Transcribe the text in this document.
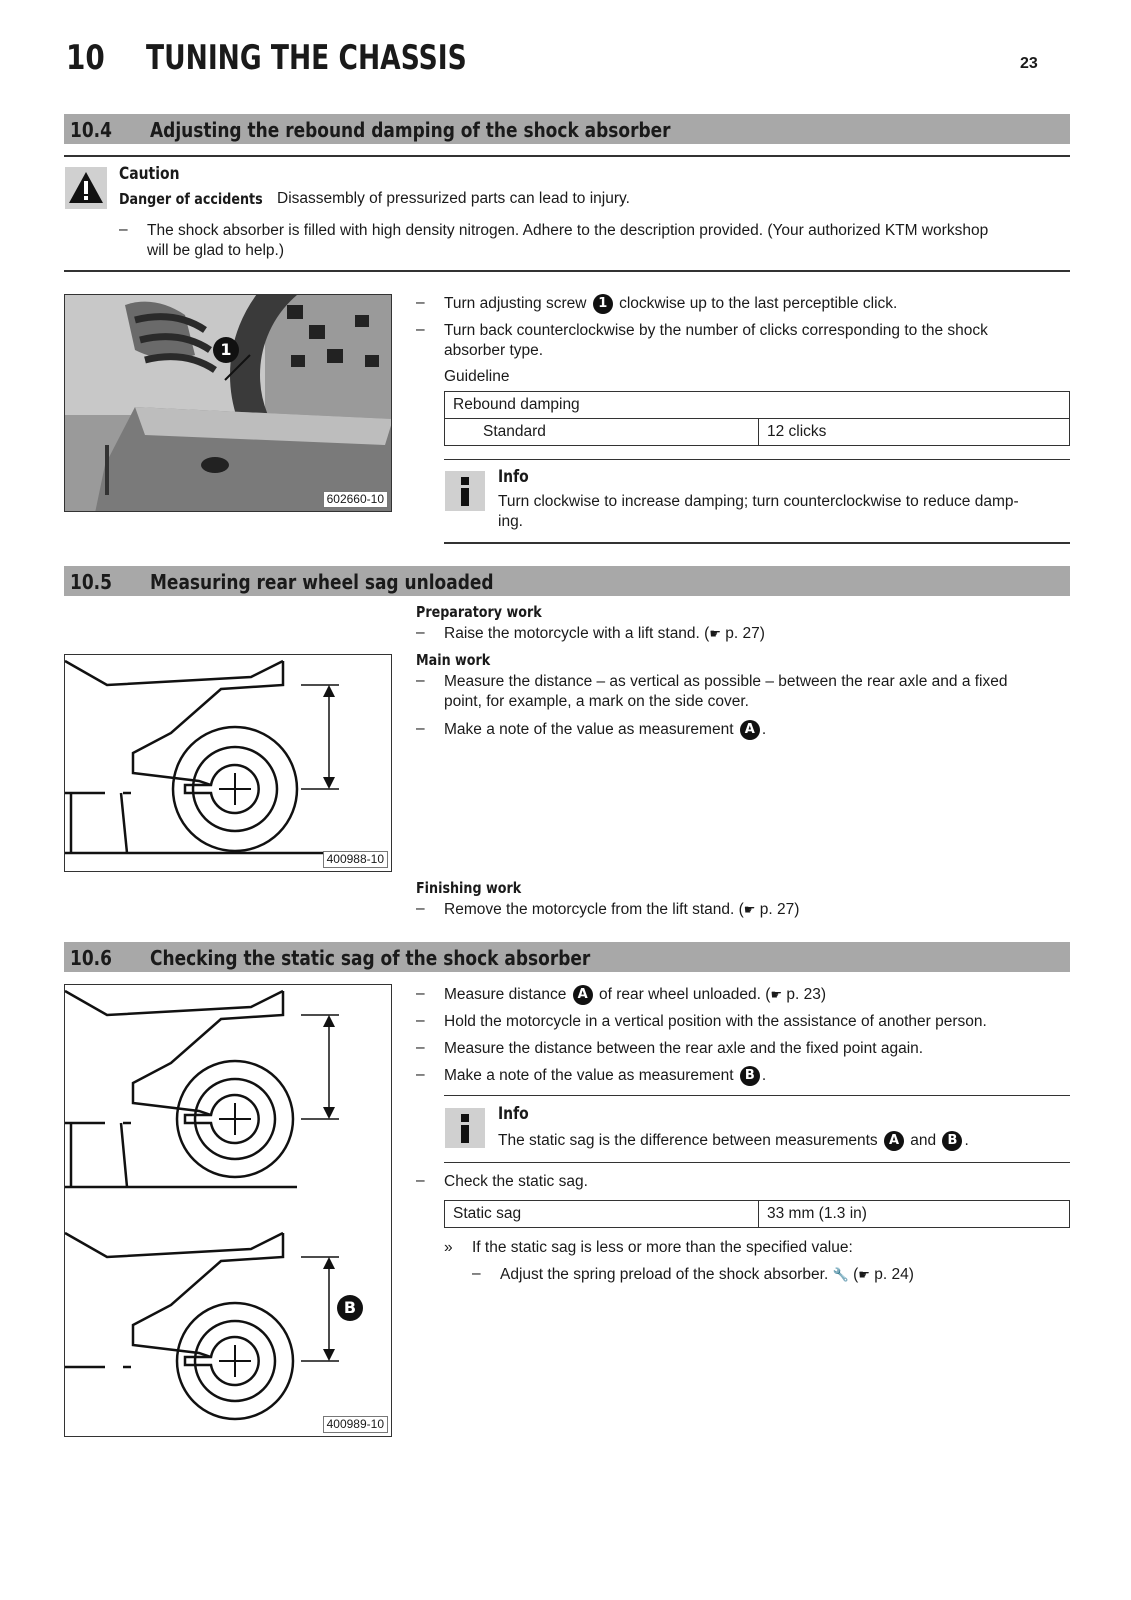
10 TUNING THE CHASSIS	23
10.4 Adjusting the rebound damping of the shock absorber
Caution
Danger of accidents Disassembly of pressurized parts can lead to injury.
– The shock absorber is filled with high density nitrogen. Adhere to the description provided. (Your authorized KTM workshop
will be glad to help.)
1
602660-10
– Turn adjusting screw 1 clockwise up to the last perceptible click.
– Turn back counterclockwise by the number of clicks corresponding to the shock
absorber type.
Guideline
Rebound damping
Standard	12 clicks
Info
Turn clockwise to increase damping; turn counterclockwise to reduce damp-
ing.
10.5 Measuring rear wheel sag unloaded
Preparatory work
– Raise the motorcycle with a lift stand. (☛ p. 27)
Main work
– Measure the distance – as vertical as possible – between the rear axle and a fixed
point, for example, a mark on the side cover.
– Make a note of the value as measurement A .
400988-10
Finishing work
– Remove the motorcycle from the lift stand. (☛ p. 27)
10.6 Checking the static sag of the shock absorber
B
400989-10
– Measure distance A of rear wheel unloaded. (☛ p. 23)
– Hold the motorcycle in a vertical position with the assistance of another person.
– Measure the distance between the rear axle and the fixed point again.
– Make a note of the value as measurement B .
Info
The static sag is the difference between measurements A and B .
– Check the static sag.
Static sag	33 mm (1.3 in)
» If the static sag is less or more than the specified value:
– Adjust the spring preload of the shock absorber. 🔧 (☛ p. 24)
